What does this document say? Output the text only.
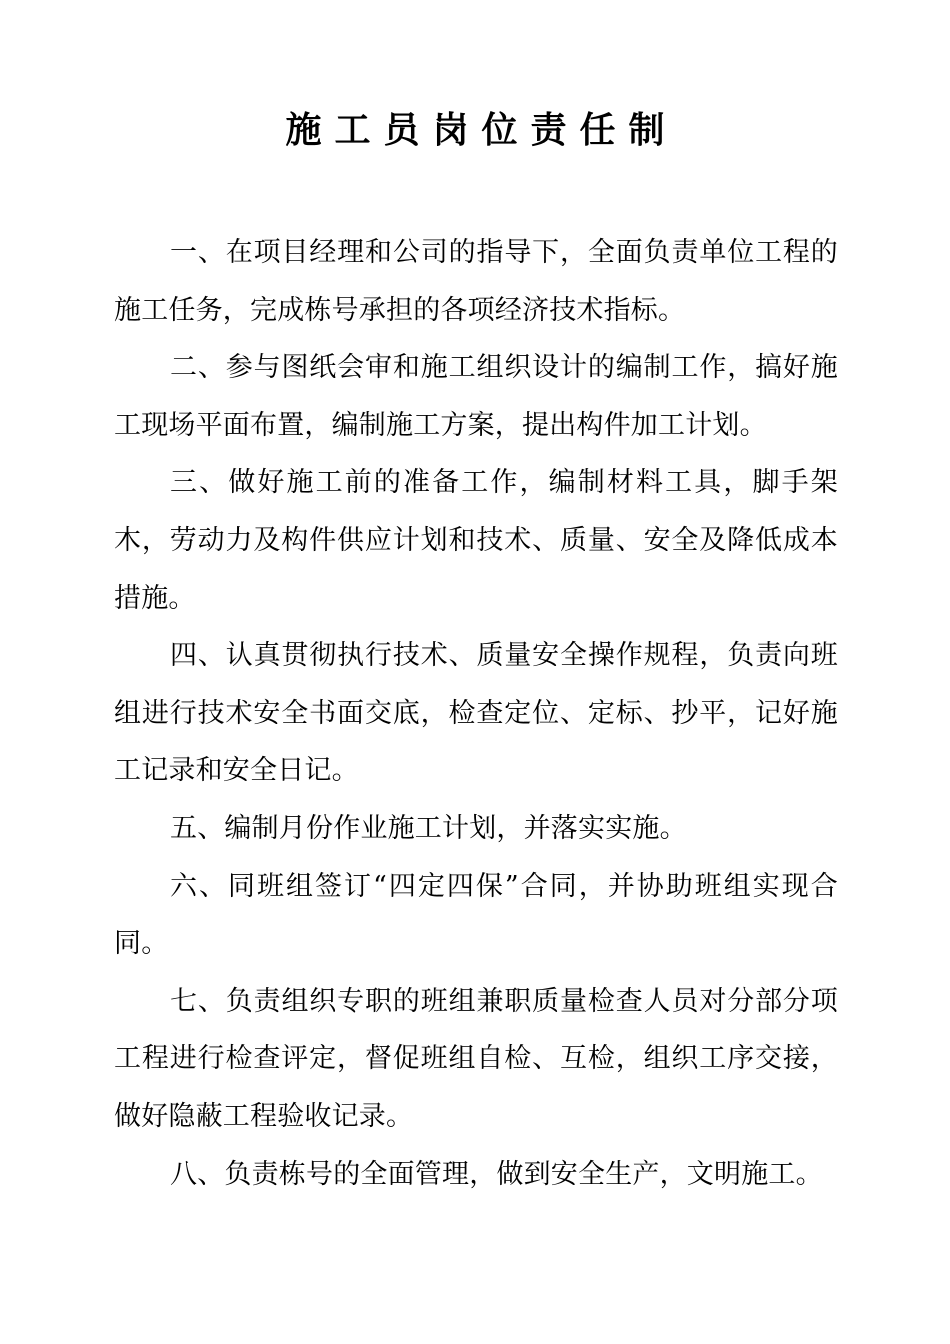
施工员岗位责任制

一、在项目经理和公司的指导下，全面负责单位工程的施工任务，完成栋号承担的各项经济技术指标。

二、参与图纸会审和施工组织设计的编制工作，搞好施工现场平面布置，编制施工方案，提出构件加工计划。

三、做好施工前的准备工作，编制材料工具，脚手架木，劳动力及构件供应计划和技术、质量、安全及降低成本措施。

四、认真贯彻执行技术、质量安全操作规程，负责向班组进行技术安全书面交底，检查定位、定标、抄平，记好施工记录和安全日记。

五、编制月份作业施工计划，并落实实施。

六、同班组签订“四定四保”合同，并协助班组实现合同。

七、负责组织专职的班组兼职质量检查人员对分部分项工程进行检查评定，督促班组自检、互检，组织工序交接，做好隐蔽工程验收记录。

八、负责栋号的全面管理，做到安全生产，文明施工。
